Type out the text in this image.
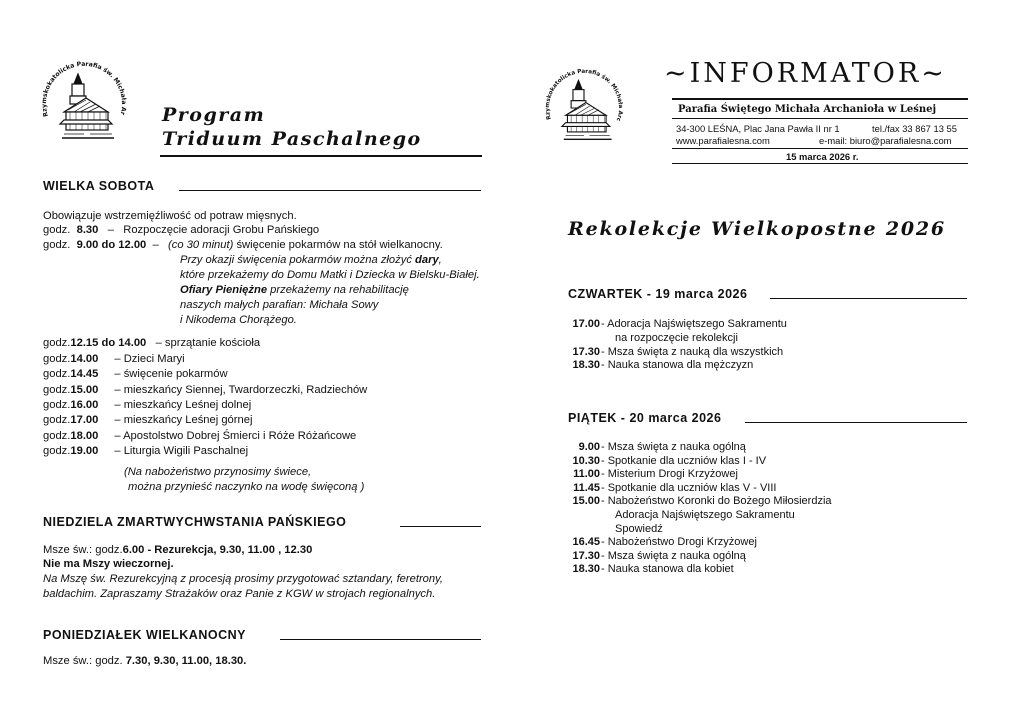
Rzymskokatolicka Parafia św. Michała Ar Program
Triduum Paschalnego
WIELKA SOBOTA
Obowiązuje wstrzemięźliwość od potraw mięsnych.
godz. 8.30   –   Rozpoczęcie adoracji Grobu Pańskiego
godz. 9.00 do 12.00 – (co 30 minut) święcenie pokarmów na stół wielkanocny.
Przy okazji święcenia pokarmów można złożyć dary,
które przekażemy do Domu Matki i Dziecka w Bielsku-Białej.
Ofiary Pieniężne przekażemy na rehabilitację
naszych małych parafian: Michała Sowy
i Nikodema Chorążego.
godz.12.15 do 14.00 – sprzątanie kościoła
godz.14.00 – Dzieci Maryi
godz.14.45 – święcenie pokarmów
godz.15.00 – mieszkańcy Siennej, Twardorzeczki, Radziechów
godz.16.00 – mieszkańcy Leśnej dolnej
godz.17.00 – mieszkańcy Leśnej górnej
godz.18.00 – Apostolstwo Dobrej Śmierci i Róże Różańcowe
godz.19.00 – Liturgia Wigili Paschalnej
(Na nabożeństwo przynosimy świece,
można przynieść naczynko na wodę święconą )
NIEDZIELA ZMARTWYCHWSTANIA PAŃSKIEGO
Msze św.: godz.6.00 - Rezurekcja, 9.30, 11.00 , 12.30
Nie ma Mszy wieczornej.
Na Mszę św. Rezurekcyjną z procesją prosimy przygotować sztandary, feretrony,
baldachim. Zapraszamy Strażaków oraz Panie z KGW w strojach regionalnych.
PONIEDZIAŁEK WIELKANOCNY
Msze św.: godz. 7.30, 9.30, 11.00, 18.30.
Rzymskokatolicka Parafia św. Michała Arc
~INFORMATOR~
Parafia Świętego Michała Archanioła w Leśnej
34-300 LEŚNA, Plac Jana Pawła II nr 1	tel./fax 33 867 13 55
www.parafialesna.com	e-mail: biuro@parafialesna.com
15 marca 2026 r.
Rekolekcje Wielkopostne 2026
CZWARTEK - 19 marca 2026
17.00- Adoracja Najświętszego Sakramentu
na rozpoczęcie rekolekcji
17.30- Msza święta z nauką dla wszystkich
18.30- Nauka stanowa dla mężczyzn
PIĄTEK - 20 marca 2026
9.00- Msza święta z nauka ogólną
10.30- Spotkanie dla uczniów klas I - IV
11.00- Misterium Drogi Krzyżowej
11.45- Spotkanie dla uczniów klas V - VIII
15.00- Nabożeństwo Koronki do Bożego Miłosierdzia
Adoracja Najświętszego Sakramentu
Spowiedź
16.45- Nabożeństwo Drogi Krzyżowej
17.30- Msza święta z nauka ogólną
18.30- Nauka stanowa dla kobiet
